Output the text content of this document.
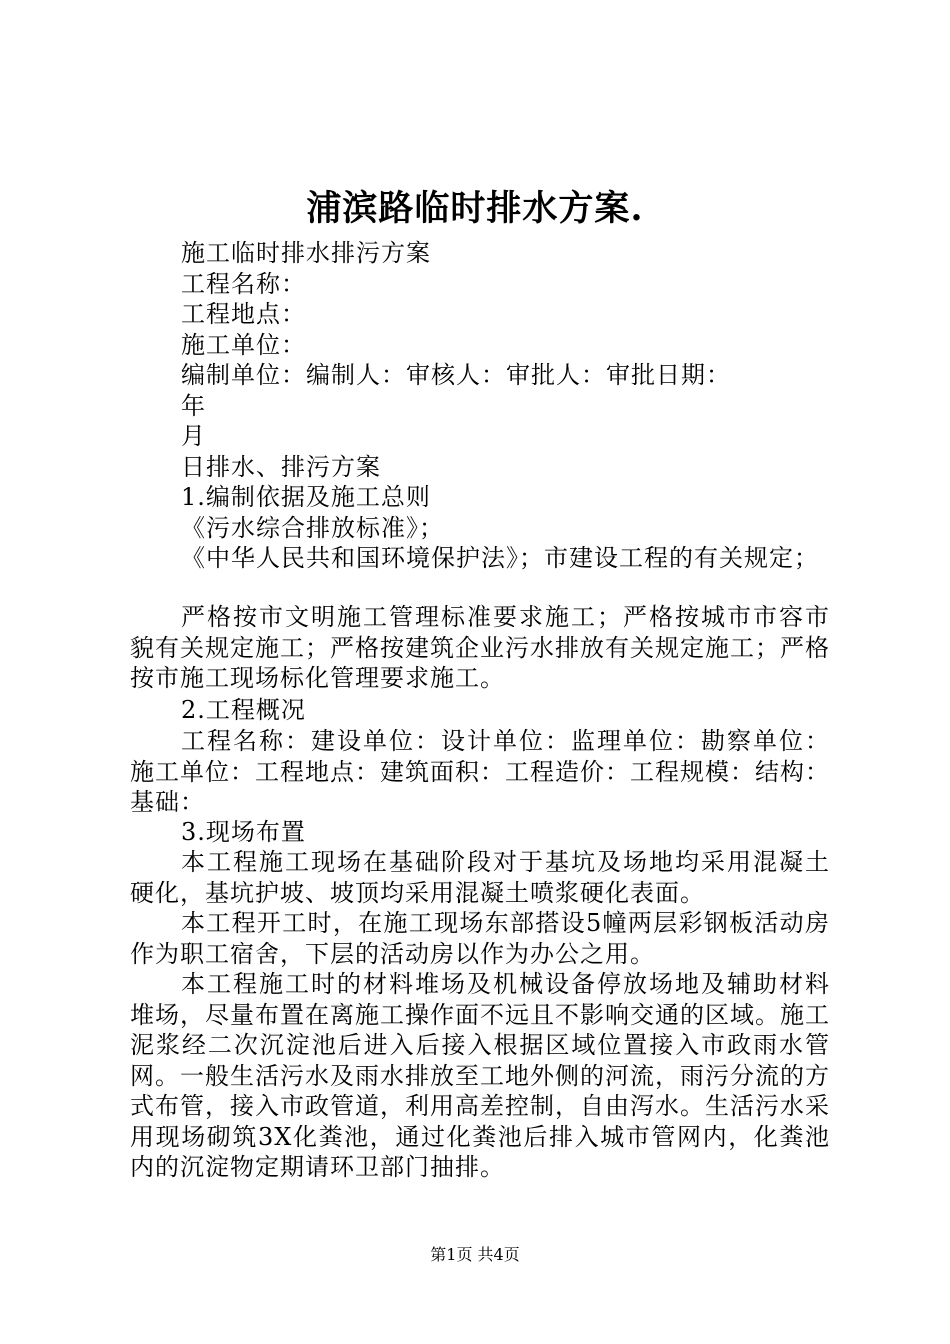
浦滨路临时排水方案.
施工临时排水排污方案
工程名称：
工程地点：
施工单位：
编制单位：编制人：审核人：审批人：审批日期：
年
月
日排水、排污方案
1.编制依据及施工总则
《污水综合排放标准》；
《中华人民共和国环境保护法》；市建设工程的有关规定；
严格按市文明施工管理标准要求施工；严格按城市市容市貌有关规定施工；严格按建筑企业污水排放有关规定施工；严格按市施工现场标化管理要求施工。
2.工程概况
工程名称：建设单位：设计单位：监理单位：勘察单位：施工单位：工程地点：建筑面积：工程造价：工程规模：结构：基础：
3.现场布置
本工程施工现场在基础阶段对于基坑及场地均采用混凝土硬化，基坑护坡、坡顶均采用混凝土喷浆硬化表面。
本工程开工时，在施工现场东部搭设5幢两层彩钢板活动房作为职工宿舍，下层的活动房以作为办公之用。
本工程施工时的材料堆场及机械设备停放场地及辅助材料堆场，尽量布置在离施工操作面不远且不影响交通的区域。施工泥浆经二次沉淀池后进入后接入根据区域位置接入市政雨水管网。一般生活污水及雨水排放至工地外侧的河流，雨污分流的方式布管，接入市政管道，利用高差控制，自由泻水。生活污水采用现场砌筑3X化粪池，通过化粪池后排入城市管网内，化粪池内的沉淀物定期请环卫部门抽排。
第1页 共4页
